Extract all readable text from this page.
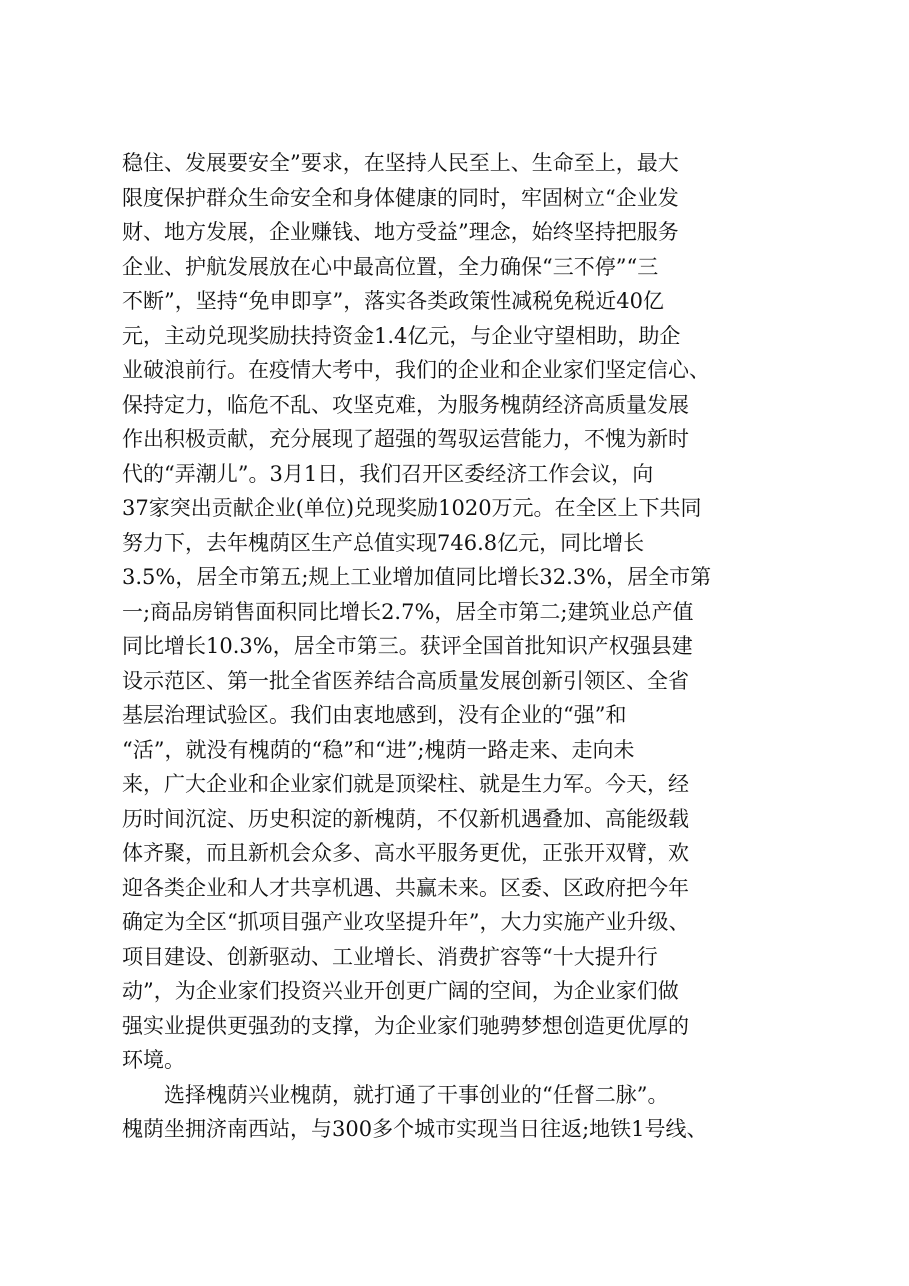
稳住、发展要安全”要求，在坚持人民至上、生命至上，最大
限度保护群众生命安全和身体健康的同时，牢固树立“企业发
财、地方发展，企业赚钱、地方受益”理念，始终坚持把服务
企业、护航发展放在心中最高位置，全力确保“三不停”“三
不断”，坚持“免申即享”，落实各类政策性减税免税近40亿
元，主动兑现奖励扶持资金1.4亿元，与企业守望相助，助企
业破浪前行。在疫情大考中，我们的企业和企业家们坚定信心、
保持定力，临危不乱、攻坚克难，为服务槐荫经济高质量发展
作出积极贡献，充分展现了超强的驾驭运营能力，不愧为新时
代的“弄潮儿”。3月1日，我们召开区委经济工作会议，向
37家突出贡献企业(单位)兑现奖励1020万元。在全区上下共同
努力下，去年槐荫区生产总值实现746.8亿元，同比增长
3.5%，居全市第五;规上工业增加值同比增长32.3%，居全市第
一;商品房销售面积同比增长2.7%，居全市第二;建筑业总产值
同比增长10.3%，居全市第三。获评全国首批知识产权强县建
设示范区、第一批全省医养结合高质量发展创新引领区、全省
基层治理试验区。我们由衷地感到，没有企业的“强”和
“活”，就没有槐荫的“稳”和“进”;槐荫一路走来、走向未
来，广大企业和企业家们就是顶梁柱、就是生力军。今天，经
历时间沉淀、历史积淀的新槐荫，不仅新机遇叠加、高能级载
体齐聚，而且新机会众多、高水平服务更优，正张开双臂，欢
迎各类企业和人才共享机遇、共赢未来。区委、区政府把今年
确定为全区“抓项目强产业攻坚提升年”，大力实施产业升级、
项目建设、创新驱动、工业增长、消费扩容等“十大提升行
动”，为企业家们投资兴业开创更广阔的空间，为企业家们做
强实业提供更强劲的支撑，为企业家们驰骋梦想创造更优厚的
环境。
选择槐荫兴业槐荫，就打通了干事创业的“任督二脉”。
槐荫坐拥济南西站，与300多个城市实现当日往返;地铁1号线、
